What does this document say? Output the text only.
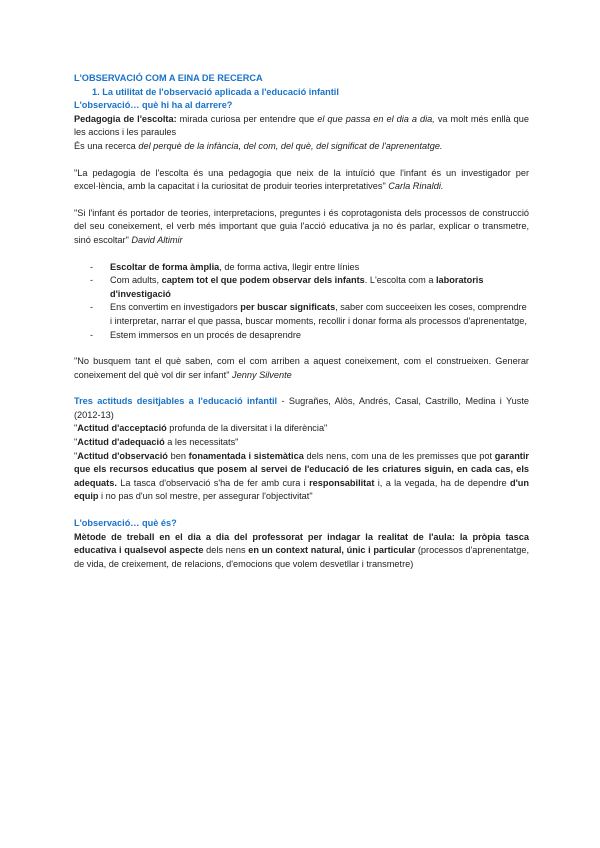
L'OBSERVACIÓ COM A EINA DE RECERCA
1. La utilitat de l'observació aplicada a l'educació infantil
L'observació… què hi ha al darrere?

Pedagogia de l'escolta: mirada curiosa per entendre que el que passa en el dia a dia, va molt més enllà que les accions i les paraules

És una recerca del perquè de la infància, del com, del què, del significat de l'aprenentatge.

"La pedagogia de l'escolta és una pedagogia que neix de la intuïció que l'infant és un investigador per excel·lència, amb la capacitat i la curiositat de produir teories interpretatives" Carla Rinaldi.

"Si l'infant és portador de teories, interpretacions, preguntes i és coprotagonista dels processos de construcció del seu coneixement, el verb més important que guia l'acció educativa ja no és parlar, explicar o transmetre, sinó escoltar" David Altimir

- Escoltar de forma àmplia, de forma activa, llegir entre línies
- Com adults, captem tot el que podem observar dels infants. L'escolta com a laboratoris d'investigació
- Ens convertim en investigadors per buscar significats, saber com succeeixen les coses, comprendre i interpretar, narrar el que passa, buscar moments, recollir i donar forma als processos d'aprenentatge,
- Estem immersos en un procés de desaprendre

"No busquem tant el què saben, com el com arriben a aquest coneixement, com el construeixen. Generar coneixement del què vol dir ser infant" Jenny Silvente

Tres actituds desitjables a l'educació infantil - Sugrañes, Alòs, Andrés, Casal, Castrillo, Medina i Yuste (2012-13)

"Actitud d'acceptació profunda de la diversitat i la diferència"

"Actitud d'adequació a les necessitats"

"Actitud d'observació ben fonamentada i sistemàtica dels nens, com una de les premisses que pot garantir que els recursos educatius que posem al servei de l'educació de les criatures siguin, en cada cas, els adequats. La tasca d'observació s'ha de fer amb cura i responsabilitat i, a la vegada, ha de dependre d'un equip i no pas d'un sol mestre, per assegurar l'objectivitat"

L'observació… què és?

Mètode de treball en el dia a dia del professorat per indagar la realitat de l'aula: la pròpia tasca educativa i qualsevol aspecte dels nens en un context natural, únic i particular (processos d'aprenentatge, de vida, de creixement, de relacions, d'emocions que volem desvetllar i transmetre)
